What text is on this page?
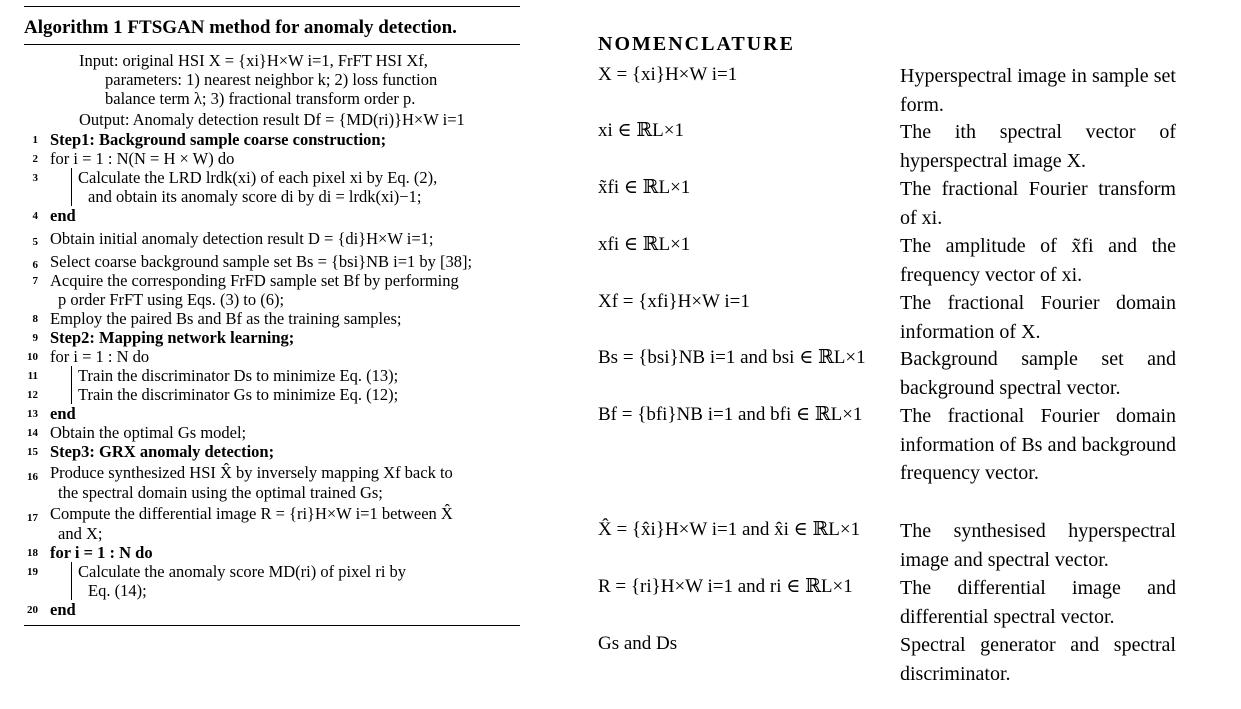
Algorithm 1 FTSGAN method for anomaly detection.
Input: original HSI X = {xi}H×W i=1, FrFT HSI Xf,
parameters: 1) nearest neighbor k; 2) loss function
balance term λ; 3) fractional transform order p.
Output: Anomaly detection result Df = {MD(ri)}H×W i=1
1 Step1: Background sample coarse construction;
2 for i = 1 : N(N = H × W) do
3 Calculate the LRD lrdk(xi) of each pixel xi by Eq. (2),
and obtain its anomaly score di by di = lrdk(xi)−1;
4 end
5 Obtain initial anomaly detection result D = {di}H×W i=1;
6 Select coarse background sample set Bs = {bsi}NB i=1 by [38];
7 Acquire the corresponding FrFD sample set Bf by performing
p order FrFT using Eqs. (3) to (6);
8 Employ the paired Bs and Bf as the training samples;
9 Step2: Mapping network learning;
10 for i = 1 : N do
11 Train the discriminator Ds to minimize Eq. (13);
12 Train the discriminator Gs to minimize Eq. (12);
13 end
14 Obtain the optimal Gs model;
15 Step3: GRX anomaly detection;
16 Produce synthesized HSI X̂ by inversely mapping Xf back to
the spectral domain using the optimal trained Gs;
17 Compute the differential image R = {ri}H×W i=1 between X̂
and X;
18 for i = 1 : N do
19 Calculate the anomaly score MD(ri) of pixel ri by
Eq. (14);
20 end
NOMENCLATURE
X = {xi}H×W i=1	Hyperspectral image in sample set form.
xi ∈ ℝL×1	The ith spectral vector of hyperspectral image X.
x̃fi ∈ ℝL×1	The fractional Fourier transform of xi.
xfi ∈ ℝL×1	The amplitude of x̃fi and the frequency vector of xi.
Xf = {xfi}H×W i=1	The fractional Fourier domain information of X.
Bs = {bsi}NB i=1 and bsi ∈ ℝL×1 Background sample set and background spectral vector.
Bf = {bfi}NB i=1 and bfi ∈ ℝL×1 The fractional Fourier domain information of Bs and background frequency vector.
X̂ = {x̂i}H×W i=1 and x̂i ∈ ℝL×1 The synthesised hyperspectral image and spectral vector.
R = {ri}H×W i=1 and ri ∈ ℝL×1 The differential image and differential spectral vector.
Gs and Ds	Spectral generator and spectral discriminator.
